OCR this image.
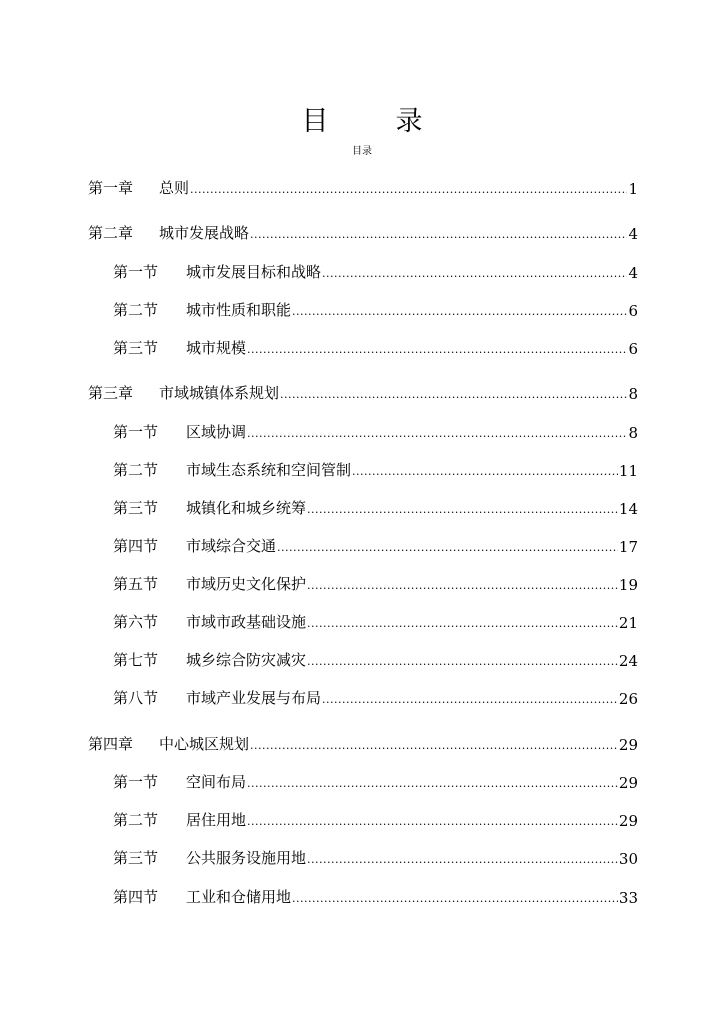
目　录
目录
第一章	总则 .....	1
第二章	城市发展战略 .....	4
第一节	城市发展目标和战略 .....	4
第二节	城市性质和职能 .....	6
第三节	城市规模 .....	6
第三章	市域城镇体系规划 .....	8
第一节	区域协调 .....	8
第二节	市域生态系统和空间管制 .....	11
第三节	城镇化和城乡统筹 .....	14
第四节	市域综合交通 .....	17
第五节	市域历史文化保护 .....	19
第六节	市域市政基础设施 .....	21
第七节	城乡综合防灾减灾 .....	24
第八节	市域产业发展与布局 .....	26
第四章	中心城区规划 .....	29
第一节	空间布局 .....	29
第二节	居住用地 .....	29
第三节	公共服务设施用地 .....	30
第四节	工业和仓储用地 .....	33
